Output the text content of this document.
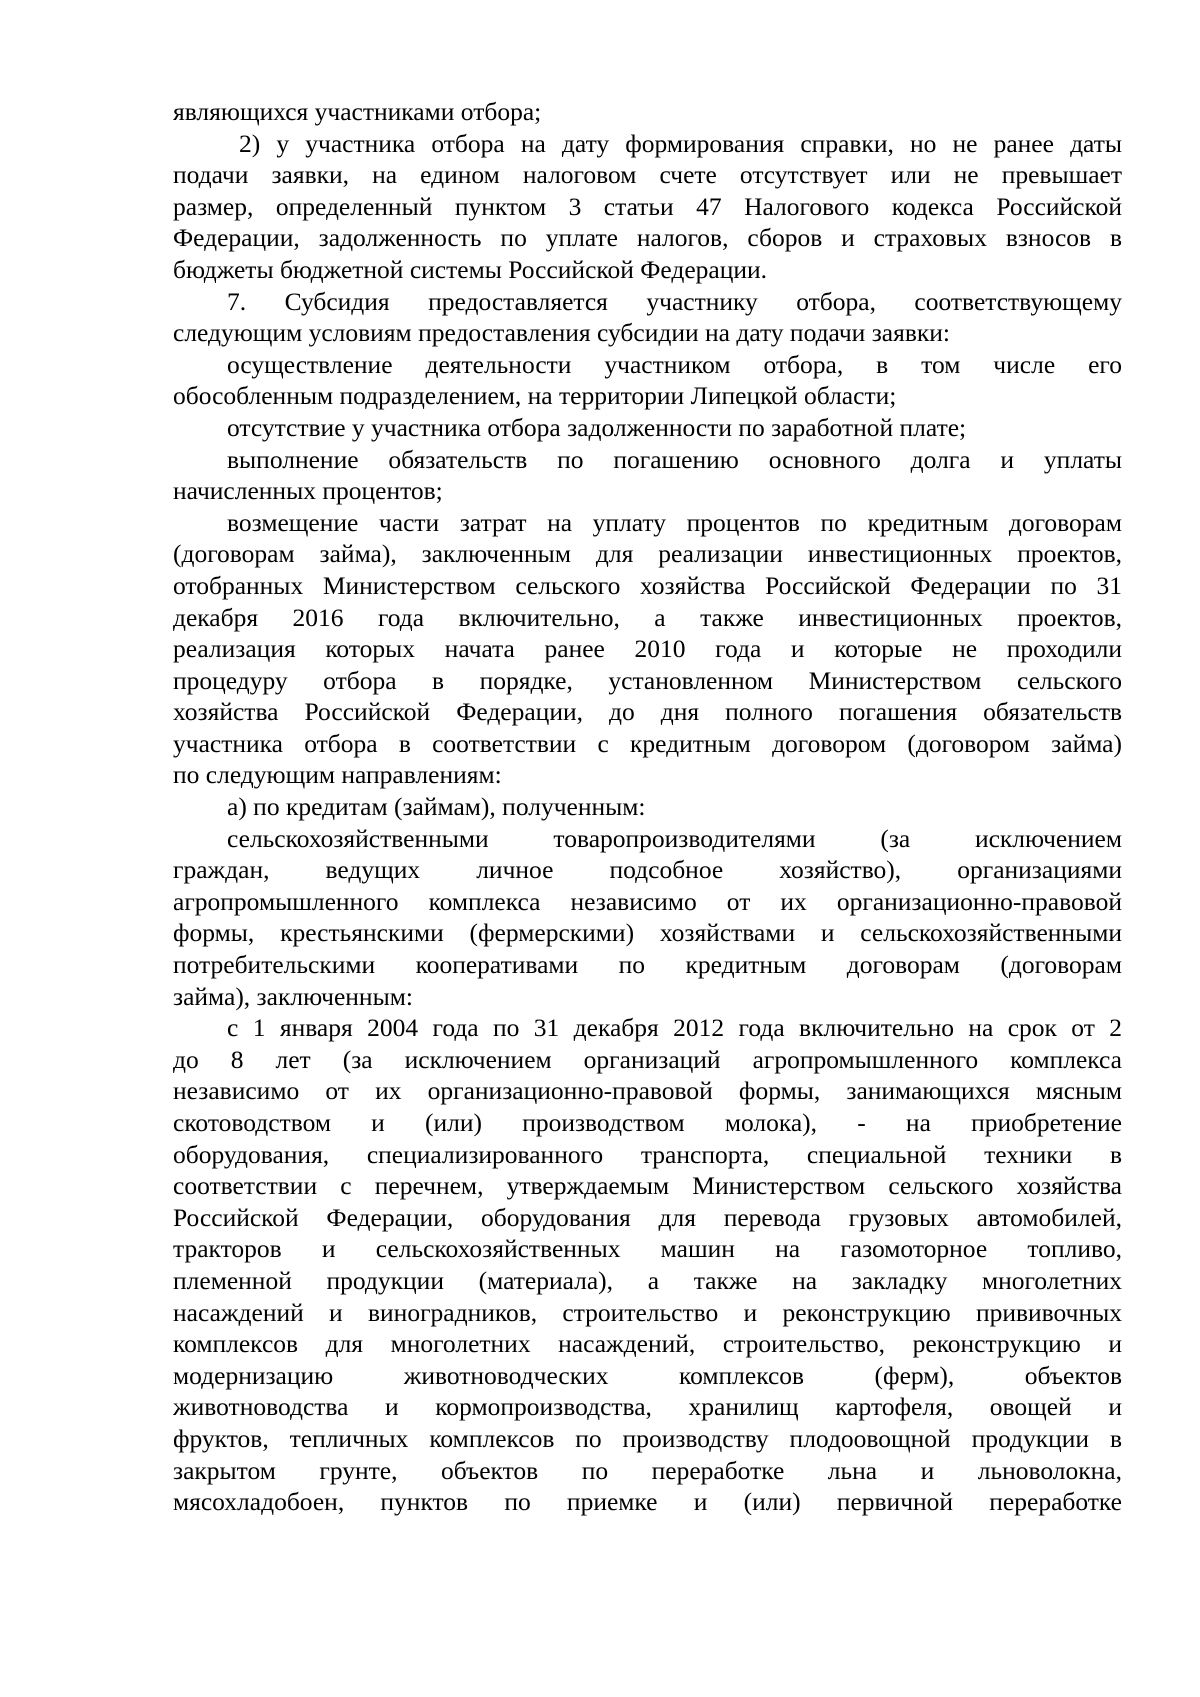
являющихся участниками отбора;
2) у участника отбора на дату формирования справки, но не ранее даты
подачи заявки, на едином налоговом счете отсутствует или не превышает
размер, определенный пунктом 3 статьи 47 Налогового кодекса Российской
Федерации, задолженность по уплате налогов, сборов и страховых взносов в
бюджеты бюджетной системы Российской Федерации.
7. Субсидия предоставляется участнику отбора, соответствующему
следующим условиям предоставления субсидии на дату подачи заявки:
осуществление деятельности участником отбора, в том числе его
обособленным подразделением, на территории Липецкой области;
отсутствие у участника отбора задолженности по заработной плате;
выполнение обязательств по погашению основного долга и уплаты
начисленных процентов;
возмещение части затрат на уплату процентов по кредитным договорам
(договорам займа), заключенным для реализации инвестиционных проектов,
отобранных Министерством сельского хозяйства Российской Федерации по 31
декабря 2016 года включительно, а также инвестиционных проектов,
реализация которых начата ранее 2010 года и которые не проходили
процедуру отбора в порядке, установленном Министерством сельского
хозяйства Российской Федерации, до дня полного погашения обязательств
участника отбора в соответствии с кредитным договором (договором займа)
по следующим направлениям:
а) по кредитам (займам), полученным:
сельскохозяйственными товаропроизводителями (за исключением
граждан, ведущих личное подсобное хозяйство), организациями
агропромышленного комплекса независимо от их организационно-правовой
формы, крестьянскими (фермерскими) хозяйствами и сельскохозяйственными
потребительскими кооперативами по кредитным договорам (договорам
займа), заключенным:
с 1 января 2004 года по 31 декабря 2012 года включительно на срок от 2
до 8 лет (за исключением организаций агропромышленного комплекса
независимо от их организационно-правовой формы, занимающихся мясным
скотоводством и (или) производством молока), - на приобретение
оборудования, специализированного транспорта, специальной техники в
соответствии с перечнем, утверждаемым Министерством сельского хозяйства
Российской Федерации, оборудования для перевода грузовых автомобилей,
тракторов и сельскохозяйственных машин на газомоторное топливо,
племенной продукции (материала), а также на закладку многолетних
насаждений и виноградников, строительство и реконструкцию прививочных
комплексов для многолетних насаждений, строительство, реконструкцию и
модернизацию животноводческих комплексов (ферм), объектов
животноводства и кормопроизводства, хранилищ картофеля, овощей и
фруктов, тепличных комплексов по производству плодоовощной продукции в
закрытом грунте, объектов по переработке льна и льноволокна,
мясохладобоен, пунктов по приемке и (или) первичной переработке
